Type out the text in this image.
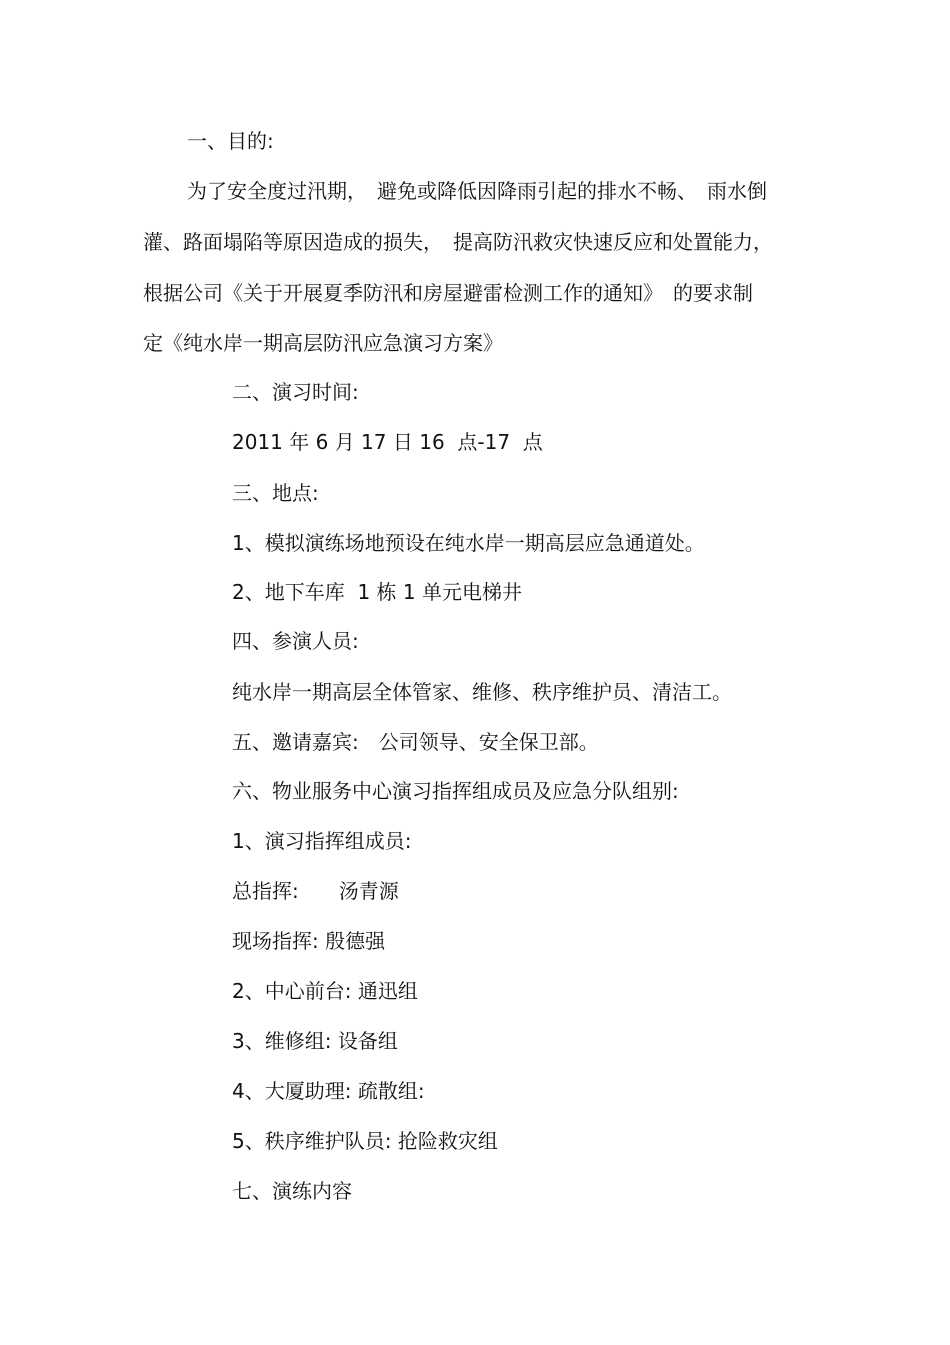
一、目的:
为了安全度过汛期，　避免或降低因降雨引起的排水不畅、　雨水倒
灌、路面塌陷等原因造成的损失，　提高防汛救灾快速反应和处置能力，
根据公司《关于开展夏季防汛和房屋避雷检测工作的通知》　的要求制
定《纯水岸一期高层防汛应急演习方案》
二、演习时间:
2011 年 6 月 17 日 16  点-17  点
三、地点:
1、模拟演练场地预设在纯水岸一期高层应急通道处。
2、地下车库  1 栋 1 单元电梯井
四、参演人员:
纯水岸一期高层全体管家、维修、秩序维护员、清洁工。
五、邀请嘉宾:　公司领导、安全保卫部。
六、物业服务中心演习指挥组成员及应急分队组别:
1、演习指挥组成员:
总指挥:　　汤青源
现场指挥: 殷德强
2、中心前台: 通迅组
3、维修组: 设备组
4、大厦助理: 疏散组:
5、秩序维护队员: 抢险救灾组
七、演练内容
